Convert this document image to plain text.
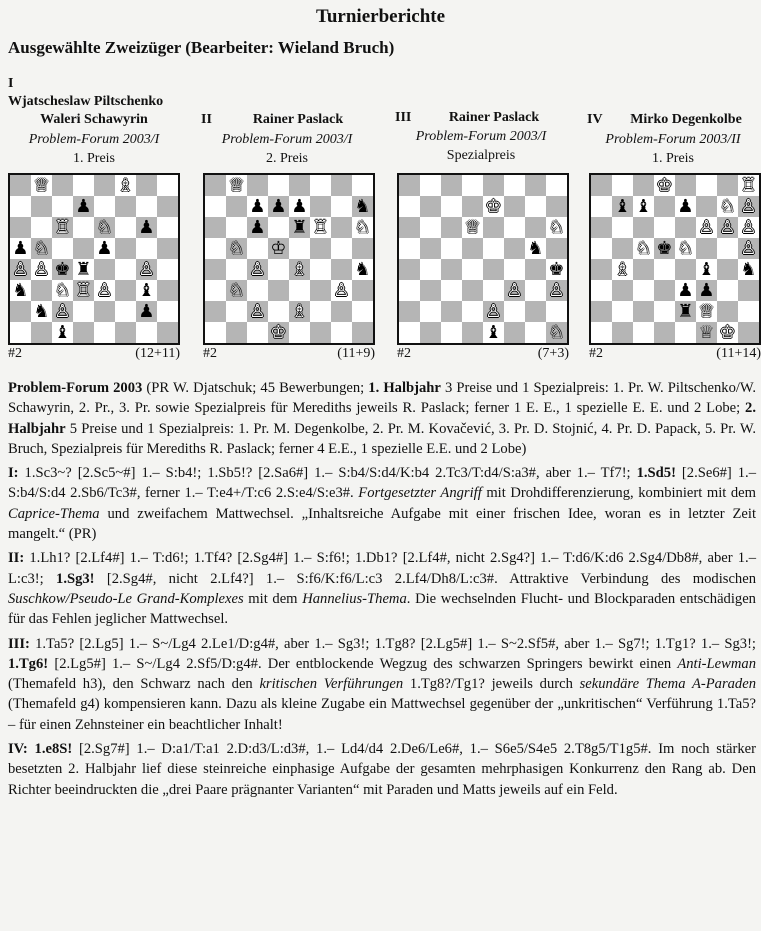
Turnierberichte
Ausgewählte Zweizüger (Bearbeiter: Wieland Bruch)
I
Wjatscheslaw Piltschenko
Waleri Schawyrin
Problem-Forum 2003/I
1. Preis
♕	♗
♟
♖ ♘ ♟
♟ ♘	♟
♙ ♙ ♚ ♜	♙
♞ ♘ ♖ ♙ ♝
♞ ♙	♟
♝
#2	(12+11)
II	Rainer Paslack
Problem-Forum 2003/I
2. Preis
♕
♟ ♟ ♟	♞
♟ ♜ ♖ ♘
♘ ♔
♙ ♗	♞
♘	♙
♙ ♗
♔
#2	(11+9)
III	Rainer Paslack
Problem-Forum 2003/I
Spezialpreis
♔
♕	♘
♞
♚
♙ ♙
♙
♝	♘
#2	(7+3)
IV	Mirko Degenkolbe
Problem-Forum 2003/II
1. Preis
♔	♖
♝ ♝ ♟ ♘ ♙
♙ ♙ ♙
♘ ♚ ♘	♙
♗	♝ ♞
♟ ♟
♜ ♕
♕ ♔
#2	(11+14)

Problem-Forum 2003 (PR W. Djatschuk; 45 Bewerbungen; 1. Halbjahr 3 Preise und 1 Spezialpreis: 1. Pr. W. Piltschenko/W. Schawyrin, 2. Pr., 3. Pr. sowie Spezialpreis für Merediths jeweils R. Paslack; ferner 1 E. E., 1 spezielle E. E. und 2 Lobe; 2. Halbjahr 5 Preise und 1 Spezialpreis: 1. Pr. M. Degenkolbe, 2. Pr. M. Kovačević, 3. Pr. D. Stojnić, 4. Pr. D. Papack, 5. Pr. W. Bruch, Spezialpreis für Merediths R. Paslack; ferner 4 E.E., 1 spezielle E.E. und 2 Lobe)

I: 1.Sc3~? [2.Sc5~#] 1.– S:b4!; 1.Sb5!? [2.Sa6#] 1.– S:b4/S:d4/K:b4 2.Tc3/T:d4/S:a3#, aber 1.– Tf7!; 1.Sd5! [2.Se6#] 1.– S:b4/S:d4 2.Sb6/Tc3#, ferner 1.– T:e4+/T:c6 2.S:e4/S:e3#. Fortgesetzter Angriff mit Drohdifferenzierung, kombiniert mit dem Caprice-Thema und zweifachem Mattwechsel. „Inhaltsreiche Aufgabe mit einer frischen Idee, woran es in letzter Zeit mangelt.“ (PR)

II: 1.Lh1? [2.Lf4#] 1.– T:d6!; 1.Tf4? [2.Sg4#] 1.– S:f6!; 1.Db1? [2.Lf4#, nicht 2.Sg4?] 1.– T:d6/K:d6 2.Sg4/Db8#, aber 1.– L:c3!; 1.Sg3! [2.Sg4#, nicht 2.Lf4?] 1.– S:f6/K:f6/L:c3 2.Lf4/Dh8/L:c3#. Attraktive Verbindung des modischen Suschkow/Pseudo-Le Grand-Komplexes mit dem Hannelius-Thema. Die wechselnden Flucht- und Blockparaden entschädigen für das Fehlen jeglicher Mattwechsel.

III: 1.Ta5? [2.Lg5] 1.– S~/Lg4 2.Le1/D:g4#, aber 1.– Sg3!; 1.Tg8? [2.Lg5#] 1.– S~2.Sf5#, aber 1.– Sg7!; 1.Tg1? 1.– Sg3!; 1.Tg6! [2.Lg5#] 1.– S~/Lg4 2.Sf5/D:g4#. Der entblockende Wegzug des schwarzen Springers bewirkt einen Anti-Lewman (Themafeld h3), den Schwarz nach den kritischen Verführungen 1.Tg8?/Tg1? jeweils durch sekundäre Thema A-Paraden (Themafeld g4) kompensieren kann. Dazu als kleine Zugabe ein Mattwechsel gegenüber der „unkritischen“ Verführung 1.Ta5? – für einen Zehnsteiner ein beachtlicher Inhalt!

IV: 1.e8S! [2.Sg7#] 1.– D:a1/T:a1 2.D:d3/L:d3#, 1.– Ld4/d4 2.De6/Le6#, 1.– S6e5/S4e5 2.T8g5/T1g5#. Im noch stärker besetzten 2. Halbjahr lief diese steinreiche einphasige Aufgabe der gesamten mehrphasigen Konkurrenz den Rang ab. Den Richter beeindruckten die „drei Paare prägnanter Varianten“ mit Paraden und Matts jeweils auf ein Feld.
